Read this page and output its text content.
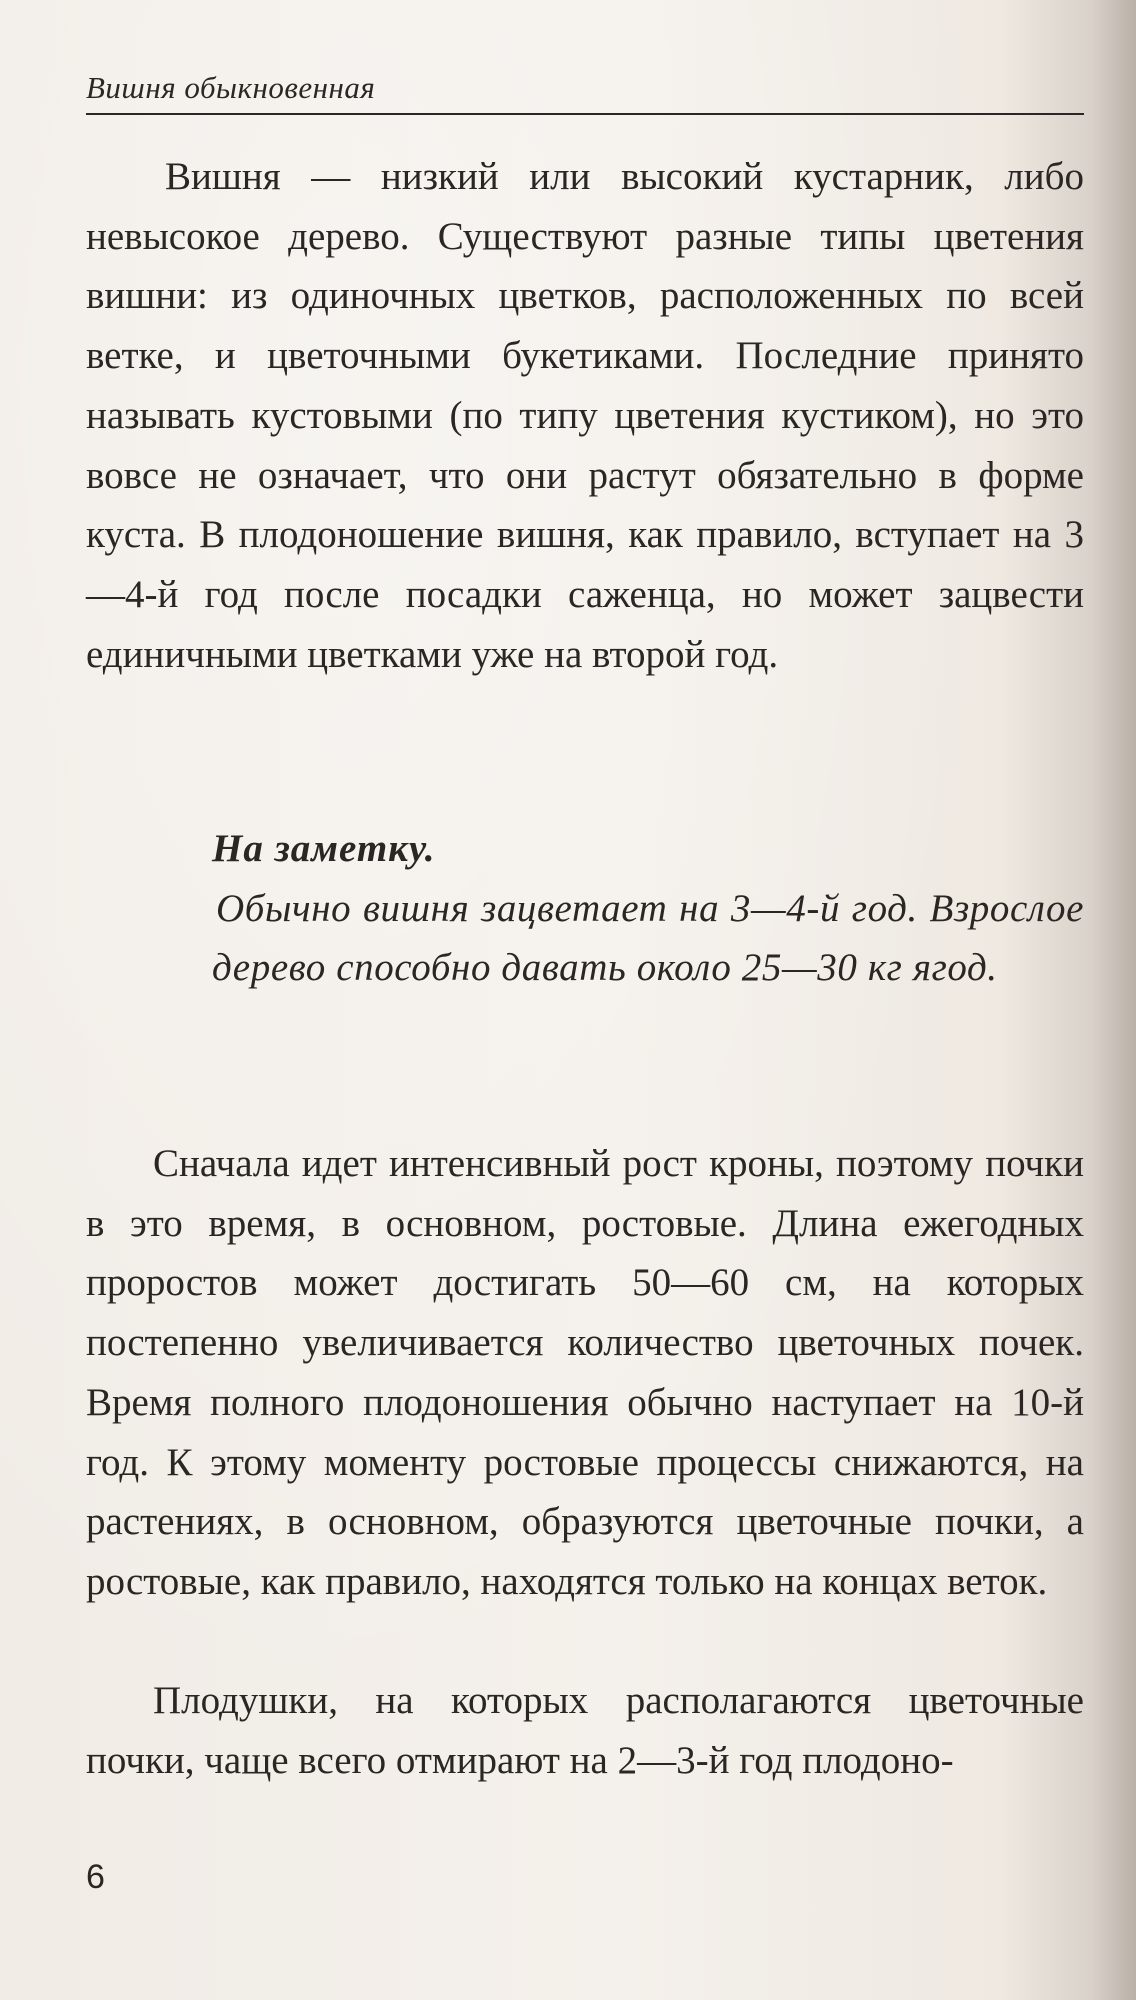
Вишня обыкновенная

Вишня — низкий или высокий кустарник, либо невысокое дерево. Существуют разные типы цветения вишни: из одиночных цветков, расположенных по всей ветке, и цветочными букетиками. Последние принято называть кустовыми (по типу цветения кустиком), но это вовсе не означает, что они растут обязательно в форме куста. В плодоношение вишня, как правило, вступает на 3—4-й год после посадки саженца, но может зацвести единичными цветками уже на второй год.

На заметку.

Обычно вишня зацветает на 3—4-й год. Взрослое дерево способно давать около 25—30 кг ягод.

Сначала идет интенсивный рост кроны, поэтому почки в это время, в основном, ростовые. Длина ежегодных проростов может достигать 50—60 см, на которых постепенно увеличивается количество цветочных почек. Время полного плодоношения обычно наступает на 10-й год. К этому моменту ростовые процессы снижаются, на растениях, в основном, образуются цветочные почки, а ростовые, как правило, находятся только на концах веток.

Плодушки, на которых располагаются цветочные почки, чаще всего отмирают на 2—3-й год плодоно-

6
